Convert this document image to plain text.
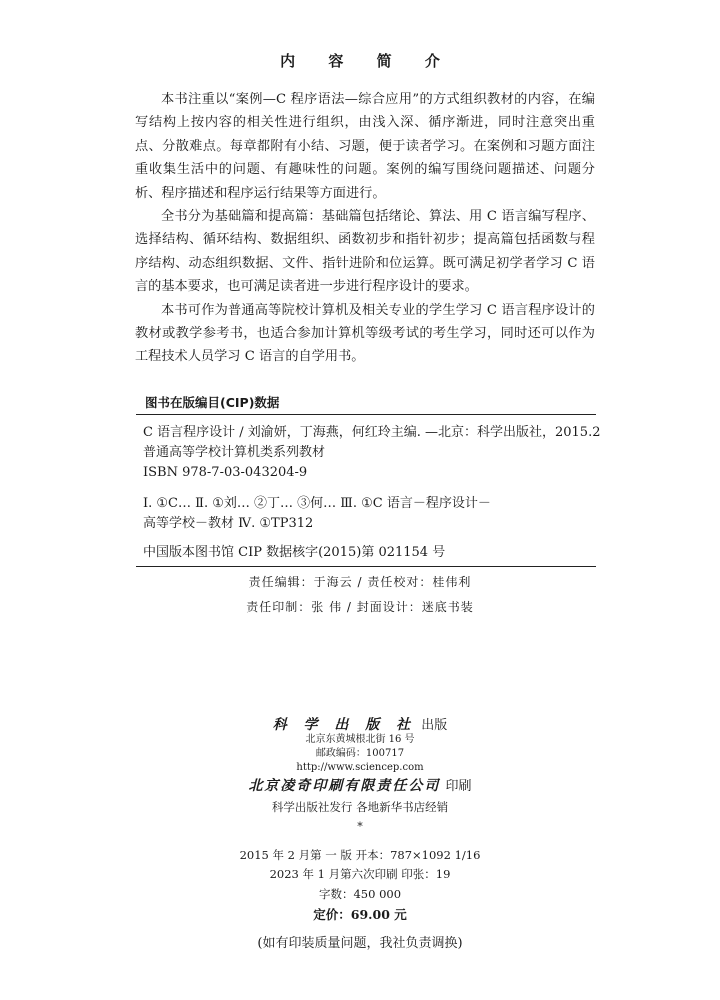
内 容 简 介

本书注重以“案例—C 程序语法—综合应用”的方式组织教材的内容，在编写结构上按内容的相关性进行组织，由浅入深、循序渐进，同时注意突出重点、分散难点。每章都附有小结、习题，便于读者学习。在案例和习题方面注重收集生活中的问题、有趣味性的问题。案例的编写围绕问题描述、问题分析、程序描述和程序运行结果等方面进行。

全书分为基础篇和提高篇：基础篇包括绪论、算法、用 C 语言编写程序、选择结构、循环结构、数据组织、函数初步和指针初步；提高篇包括函数与程序结构、动态组织数据、文件、指针进阶和位运算。既可满足初学者学习 C 语言的基本要求，也可满足读者进一步进行程序设计的要求。

本书可作为普通高等院校计算机及相关专业的学生学习 C 语言程序设计的教材或教学参考书，也适合参加计算机等级考试的考生学习，同时还可以作为工程技术人员学习 C 语言的自学用书。

图书在版编目(CIP)数据
C 语言程序设计 / 刘渝妍，丁海燕，何红玲主编. —北京：科学出版社，2015.2
普通高等学校计算机类系列教材
ISBN 978-7-03-043204-9
Ⅰ. ①C… Ⅱ. ①刘… ②丁… ③何… Ⅲ. ①C 语言－程序设计－
高等学校－教材 Ⅳ. ①TP312
中国版本图书馆 CIP 数据核字(2015)第 021154 号
责任编辑：于海云 / 责任校对：桂伟利
责任印制：张 伟 / 封面设计：迷底书装
科 学 出 版 社 出版
北京东黄城根北街 16 号
邮政编码：100717
http://www.sciencep.com
北京凌奇印刷有限责任公司 印刷
科学出版社发行 各地新华书店经销
*
2015 年 2 月第 一 版 开本：787×1092 1/16
2023 年 1 月第六次印刷 印张：19
字数：450 000
定价：69.00 元
(如有印装质量问题，我社负责调换)
